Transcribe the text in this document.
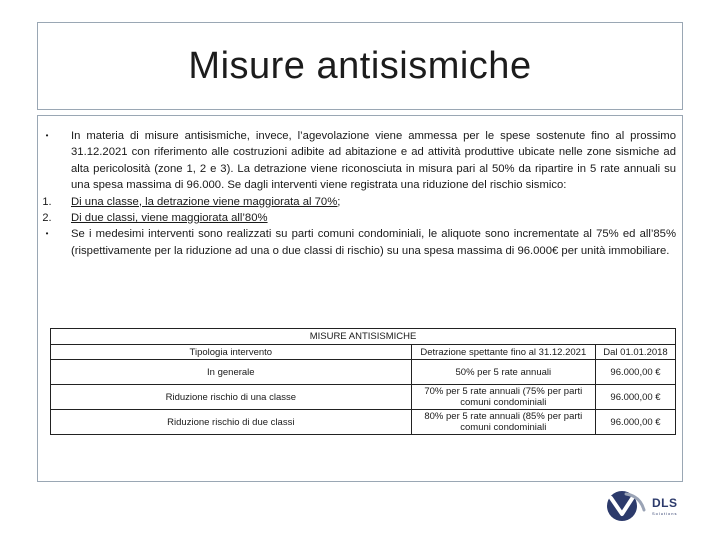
Misure antisismiche
•	In materia di misure antisismiche, invece, l’agevolazione viene ammessa per le spese sostenute fino al prossimo 31.12.2021 con riferimento alle costruzioni adibite ad abitazione e ad attività produttive ubicate nelle zone sismiche ad alta pericolosità (zone 1, 2 e 3). La detrazione viene riconosciuta in misura pari al 50% da ripartire in 5 rate annuali su una spesa massima di 96.000. Se dagli interventi viene registrata una riduzione del rischio sismico:
1.	Di una classe, la detrazione viene maggiorata al 70%;
2.	Di due classi, viene maggiorata all’80%
•	Se i medesimi interventi sono realizzati su parti comuni condominiali, le aliquote sono incrementate al 75% ed all’85% (rispettivamente per la riduzione ad una o due classi di rischio) su una spesa massima di 96.000€ per unità immobiliare.
MISURE ANTISISMICHE		
Tipologia intervento	Detrazione spettante fino al 31.12.2021	Dal 01.01.2018
In generale	50% per 5 rate annuali	96.000,00 €
Riduzione rischio di una classe	70% per 5 rate annuali (75% per parti comuni condominiali	96.000,00 €
Riduzione rischio di due classi	80% per 5 rate annuali (85% per parti comuni condominiali	96.000,00 €
DLS
Solutions
